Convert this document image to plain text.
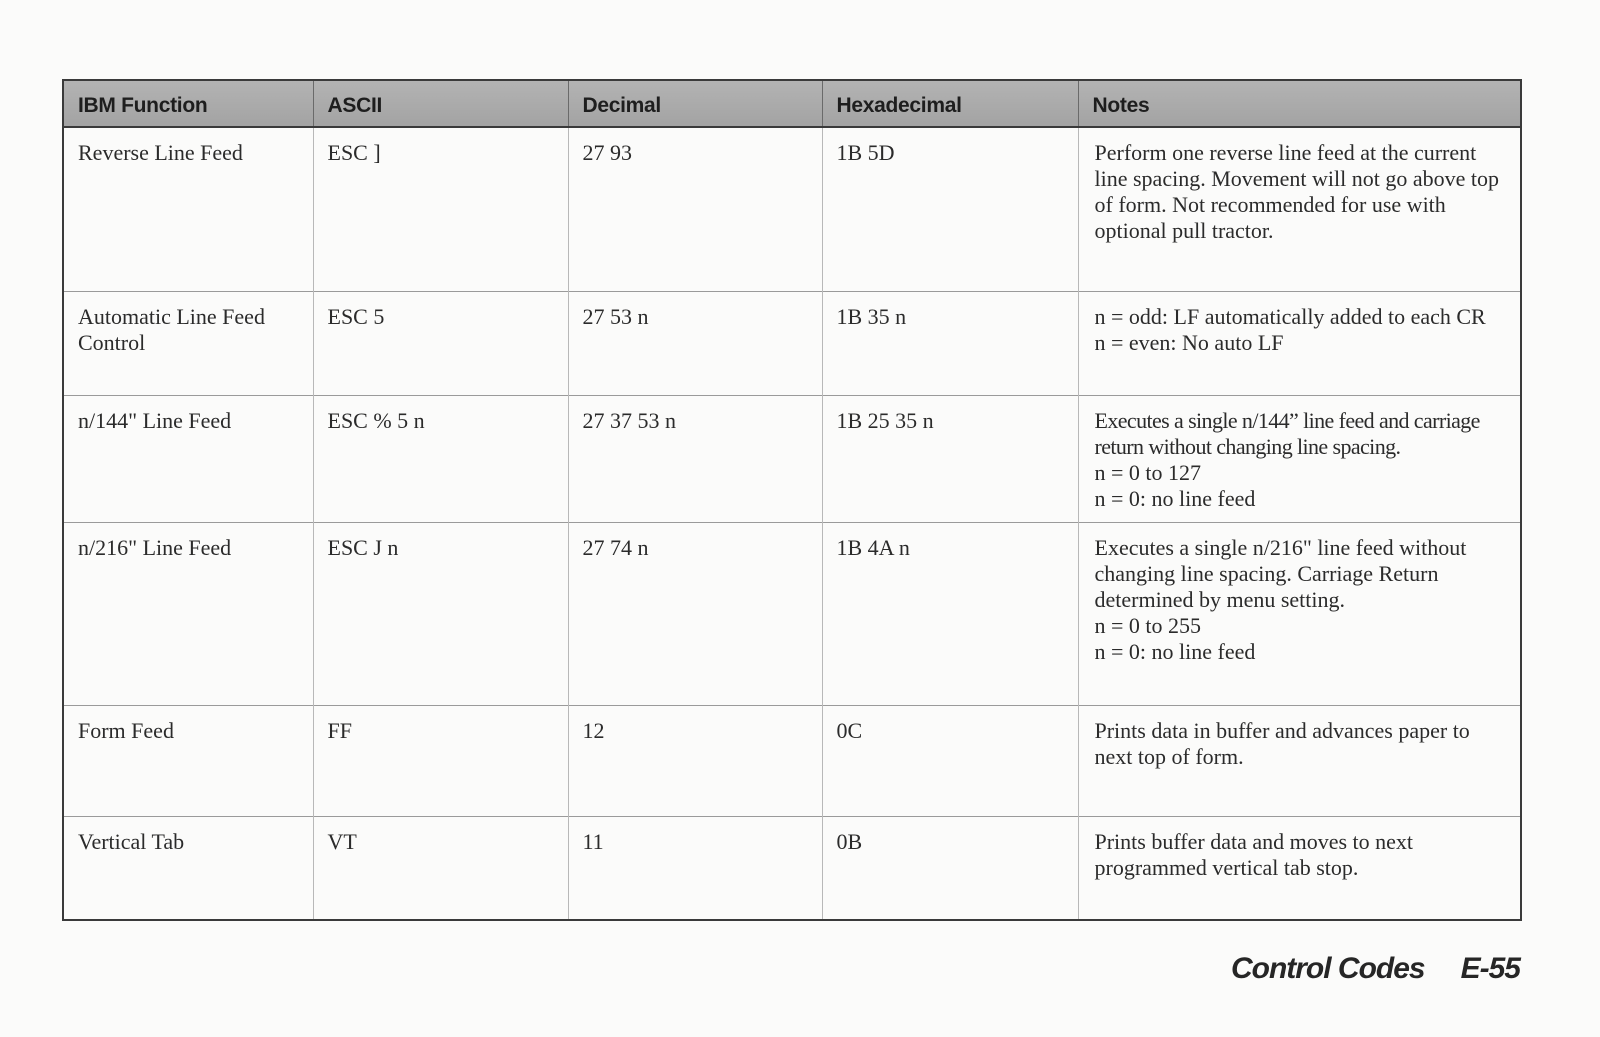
IBM Function	ASCII	Decimal	Hexadecimal	Notes
Reverse Line Feed	ESC ]	27 93	1B 5D	Perform one reverse line feed at the current line spacing. Movement will not go above top of form. Not recommended for use with optional pull tractor.

Automatic Line Feed Control	ESC 5	27 53 n	1B 35 n	n = odd: LF automatically added to each CR
n = even: No auto LF

n/144" Line Feed	ESC % 5 n	27 37 53 n	1B 25 35 n	Executes a single n/144” line feed and carriage return without changing line spacing.
n = 0 to 127
n = 0: no line feed

n/216" Line Feed	ESC J n	27 74 n	1B 4A n	Executes a single n/216" line feed without changing line spacing. Carriage Return determined by menu setting.
n = 0 to 255
n = 0: no line feed

Form Feed	FF	12	0C	Prints data in buffer and advances paper to next top of form.

Vertical Tab	VT	11	0B	Prints buffer data and moves to next programmed vertical tab stop.
Control Codes E-55
